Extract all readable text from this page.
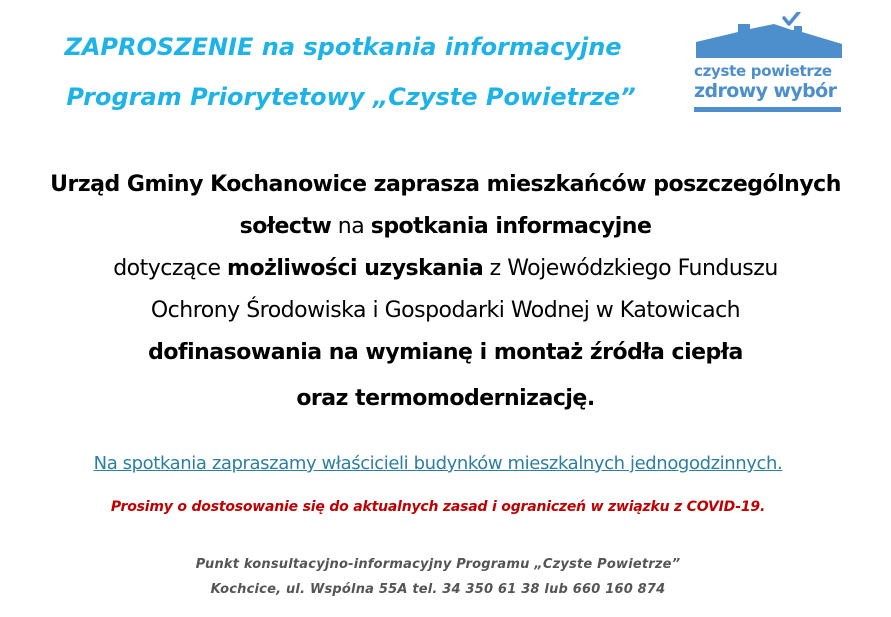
ZAPROSZENIE na spotkania informacyjne
Program Priorytetowy „Czyste Powietrze”
czyste powietrze
zdrowy wybór
Urząd Gminy Kochanowice zaprasza mieszkańców poszczególnych
sołectw na spotkania informacyjne
dotyczące możliwości uzyskania z Wojewódzkiego Funduszu
Ochrony Środowiska i Gospodarki Wodnej w Katowicach
dofinasowania na wymianę i montaż źródła ciepła
oraz termomodernizację.
Na spotkania zapraszamy właścicieli budynków mieszkalnych jednogodzinnych.
Prosimy o dostosowanie się do aktualnych zasad i ograniczeń w związku z COVID-19.
Punkt konsultacyjno-informacyjny Programu „Czyste Powietrze”
Kochcice, ul. Wspólna 55A tel. 34 350 61 38 lub 660 160 874
